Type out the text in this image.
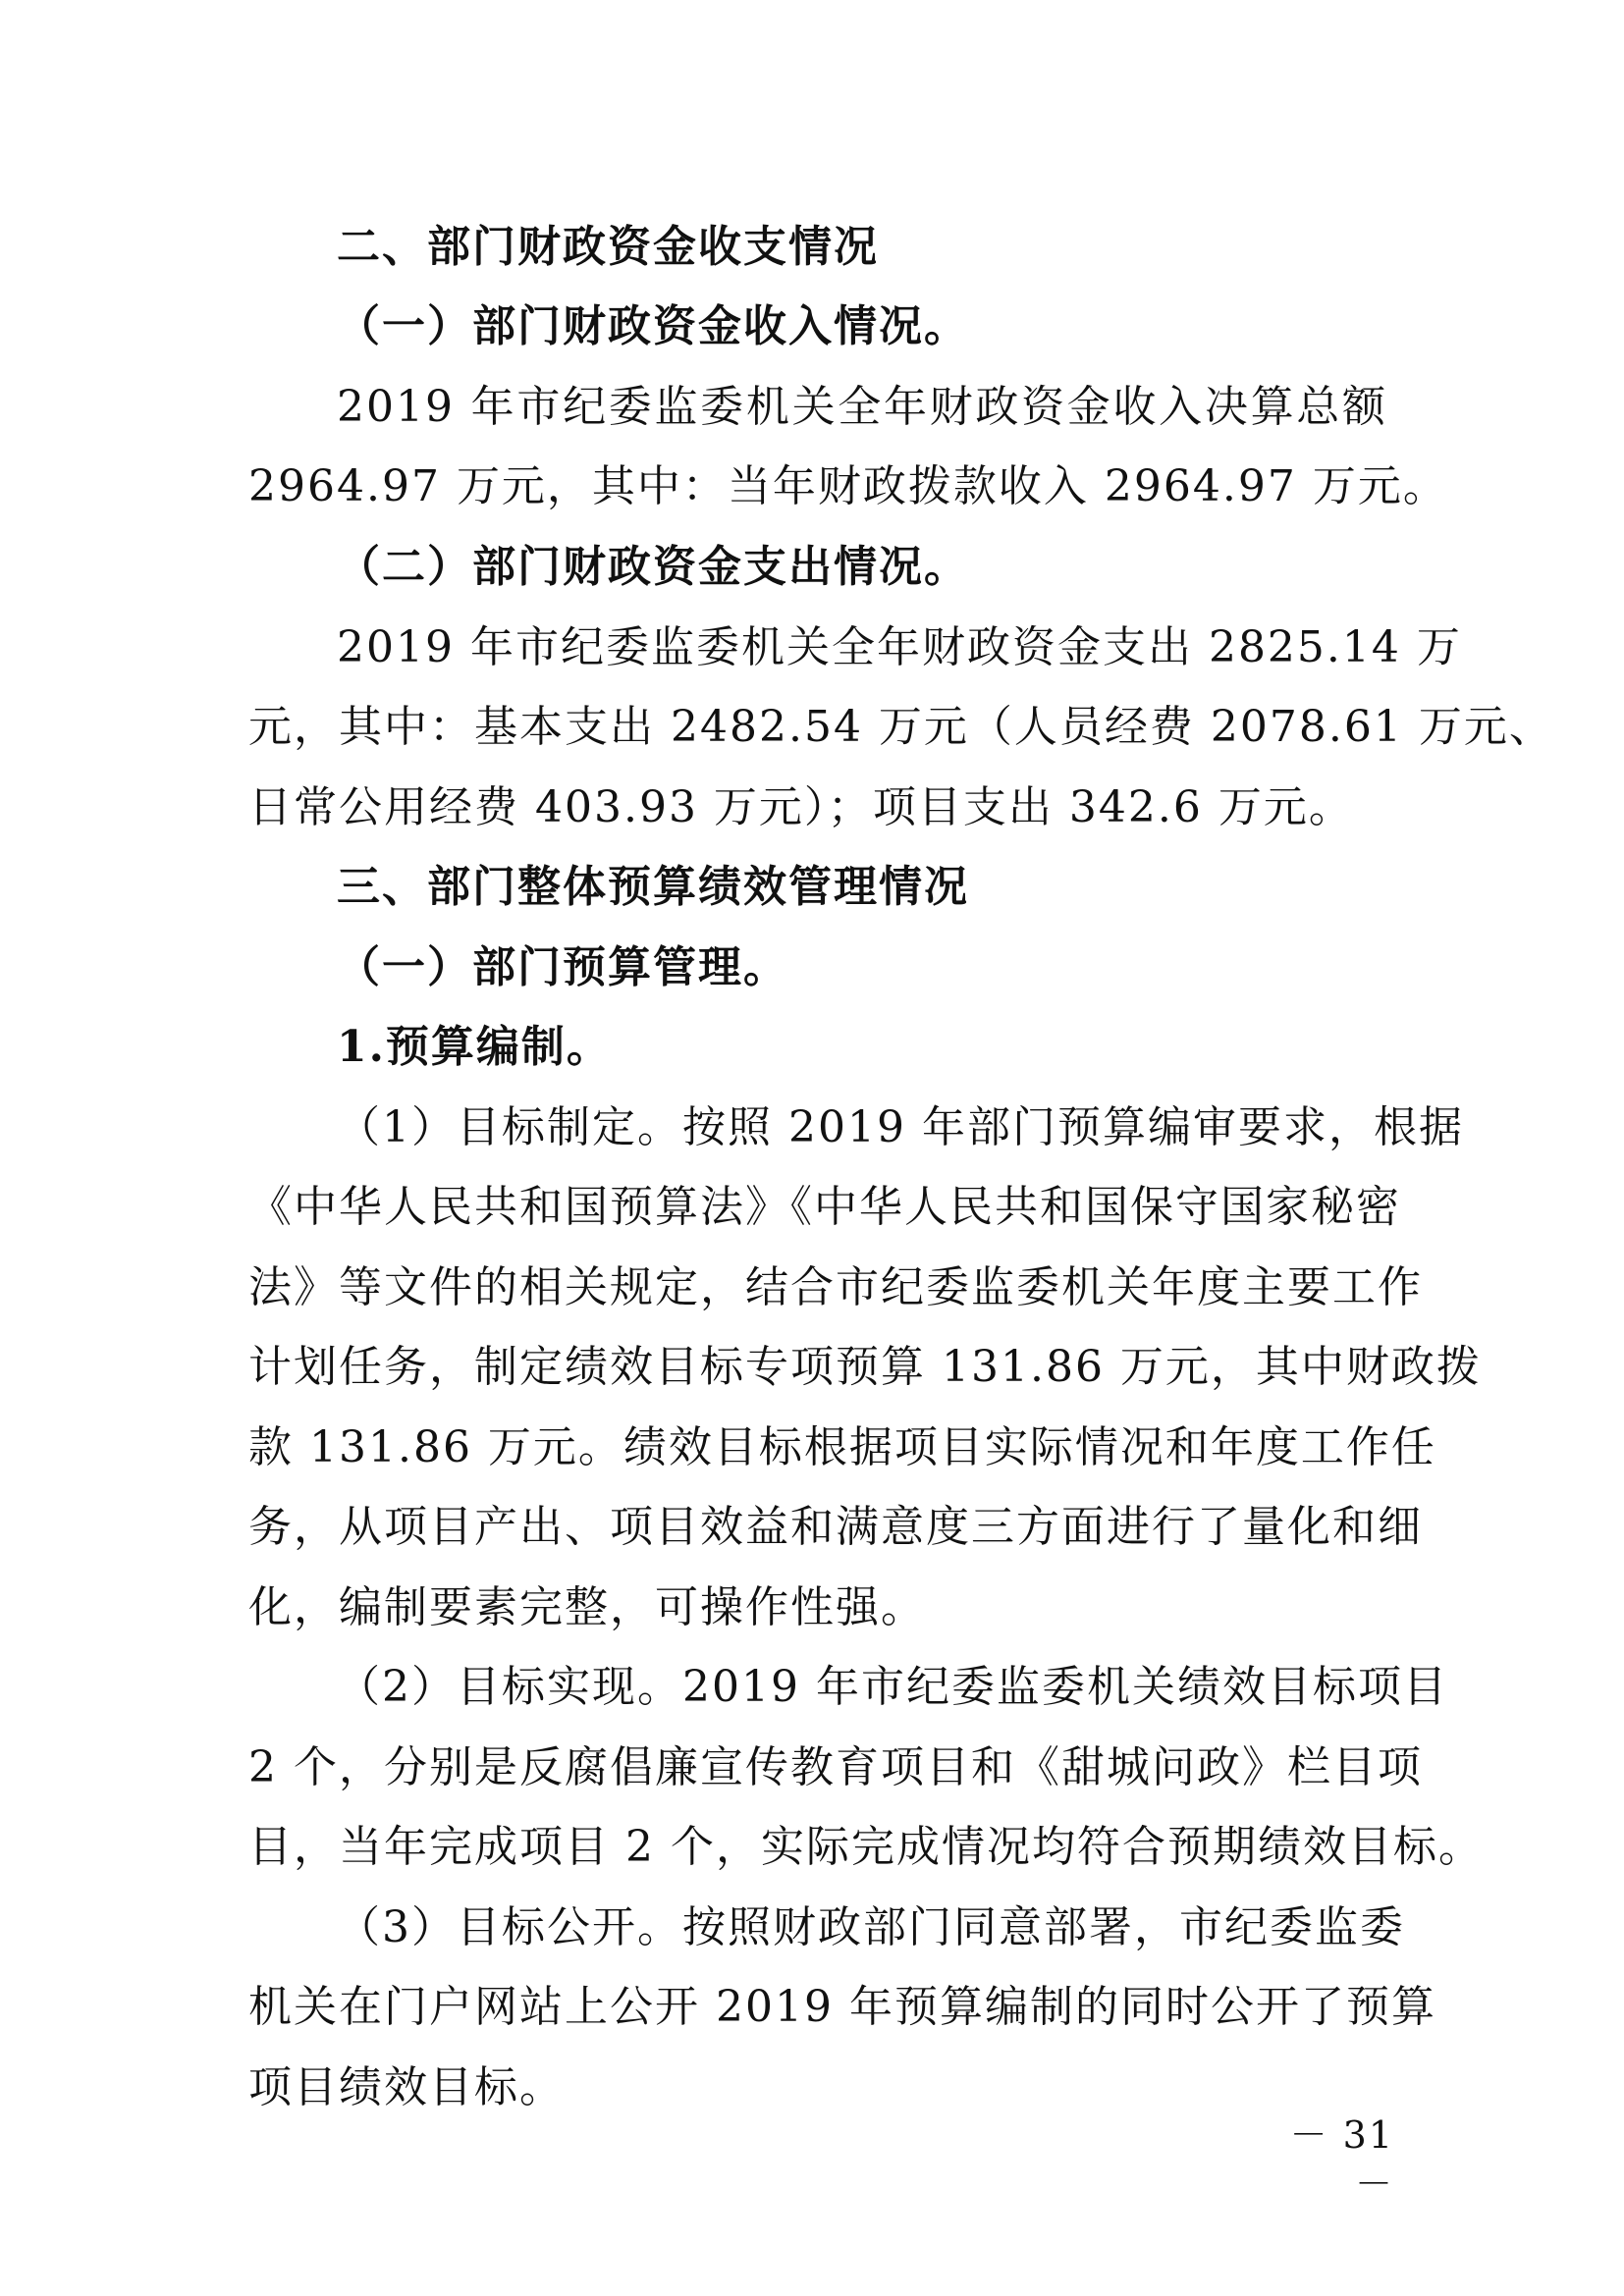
二、部门财政资金收支情况
（一）部门财政资金收入情况。
2019 年市纪委监委机关全年财政资金收入决算总额
2964.97 万元，其中：当年财政拨款收入 2964.97 万元。
（二）部门财政资金支出情况。
2019 年市纪委监委机关全年财政资金支出 2825.14 万
元，其中：基本支出 2482.54 万元（人员经费 2078.61 万元、
日常公用经费 403.93 万元）；项目支出 342.6 万元。
三、部门整体预算绩效管理情况
（一）部门预算管理。
1.预算编制。
（1）目标制定。按照 2019 年部门预算编审要求，根据
《中华人民共和国预算法》《中华人民共和国保守国家秘密
法》等文件的相关规定，结合市纪委监委机关年度主要工作
计划任务，制定绩效目标专项预算 131.86 万元，其中财政拨
款 131.86 万元。绩效目标根据项目实际情况和年度工作任
务，从项目产出、项目效益和满意度三方面进行了量化和细
化，编制要素完整，可操作性强。
（2）目标实现。2019 年市纪委监委机关绩效目标项目
2 个，分别是反腐倡廉宣传教育项目和《甜城问政》栏目项
目，当年完成项目 2 个，实际完成情况均符合预期绩效目标。
（3）目标公开。按照财政部门同意部署，市纪委监委
机关在门户网站上公开 2019 年预算编制的同时公开了预算
项目绩效目标。
－ 31 －
